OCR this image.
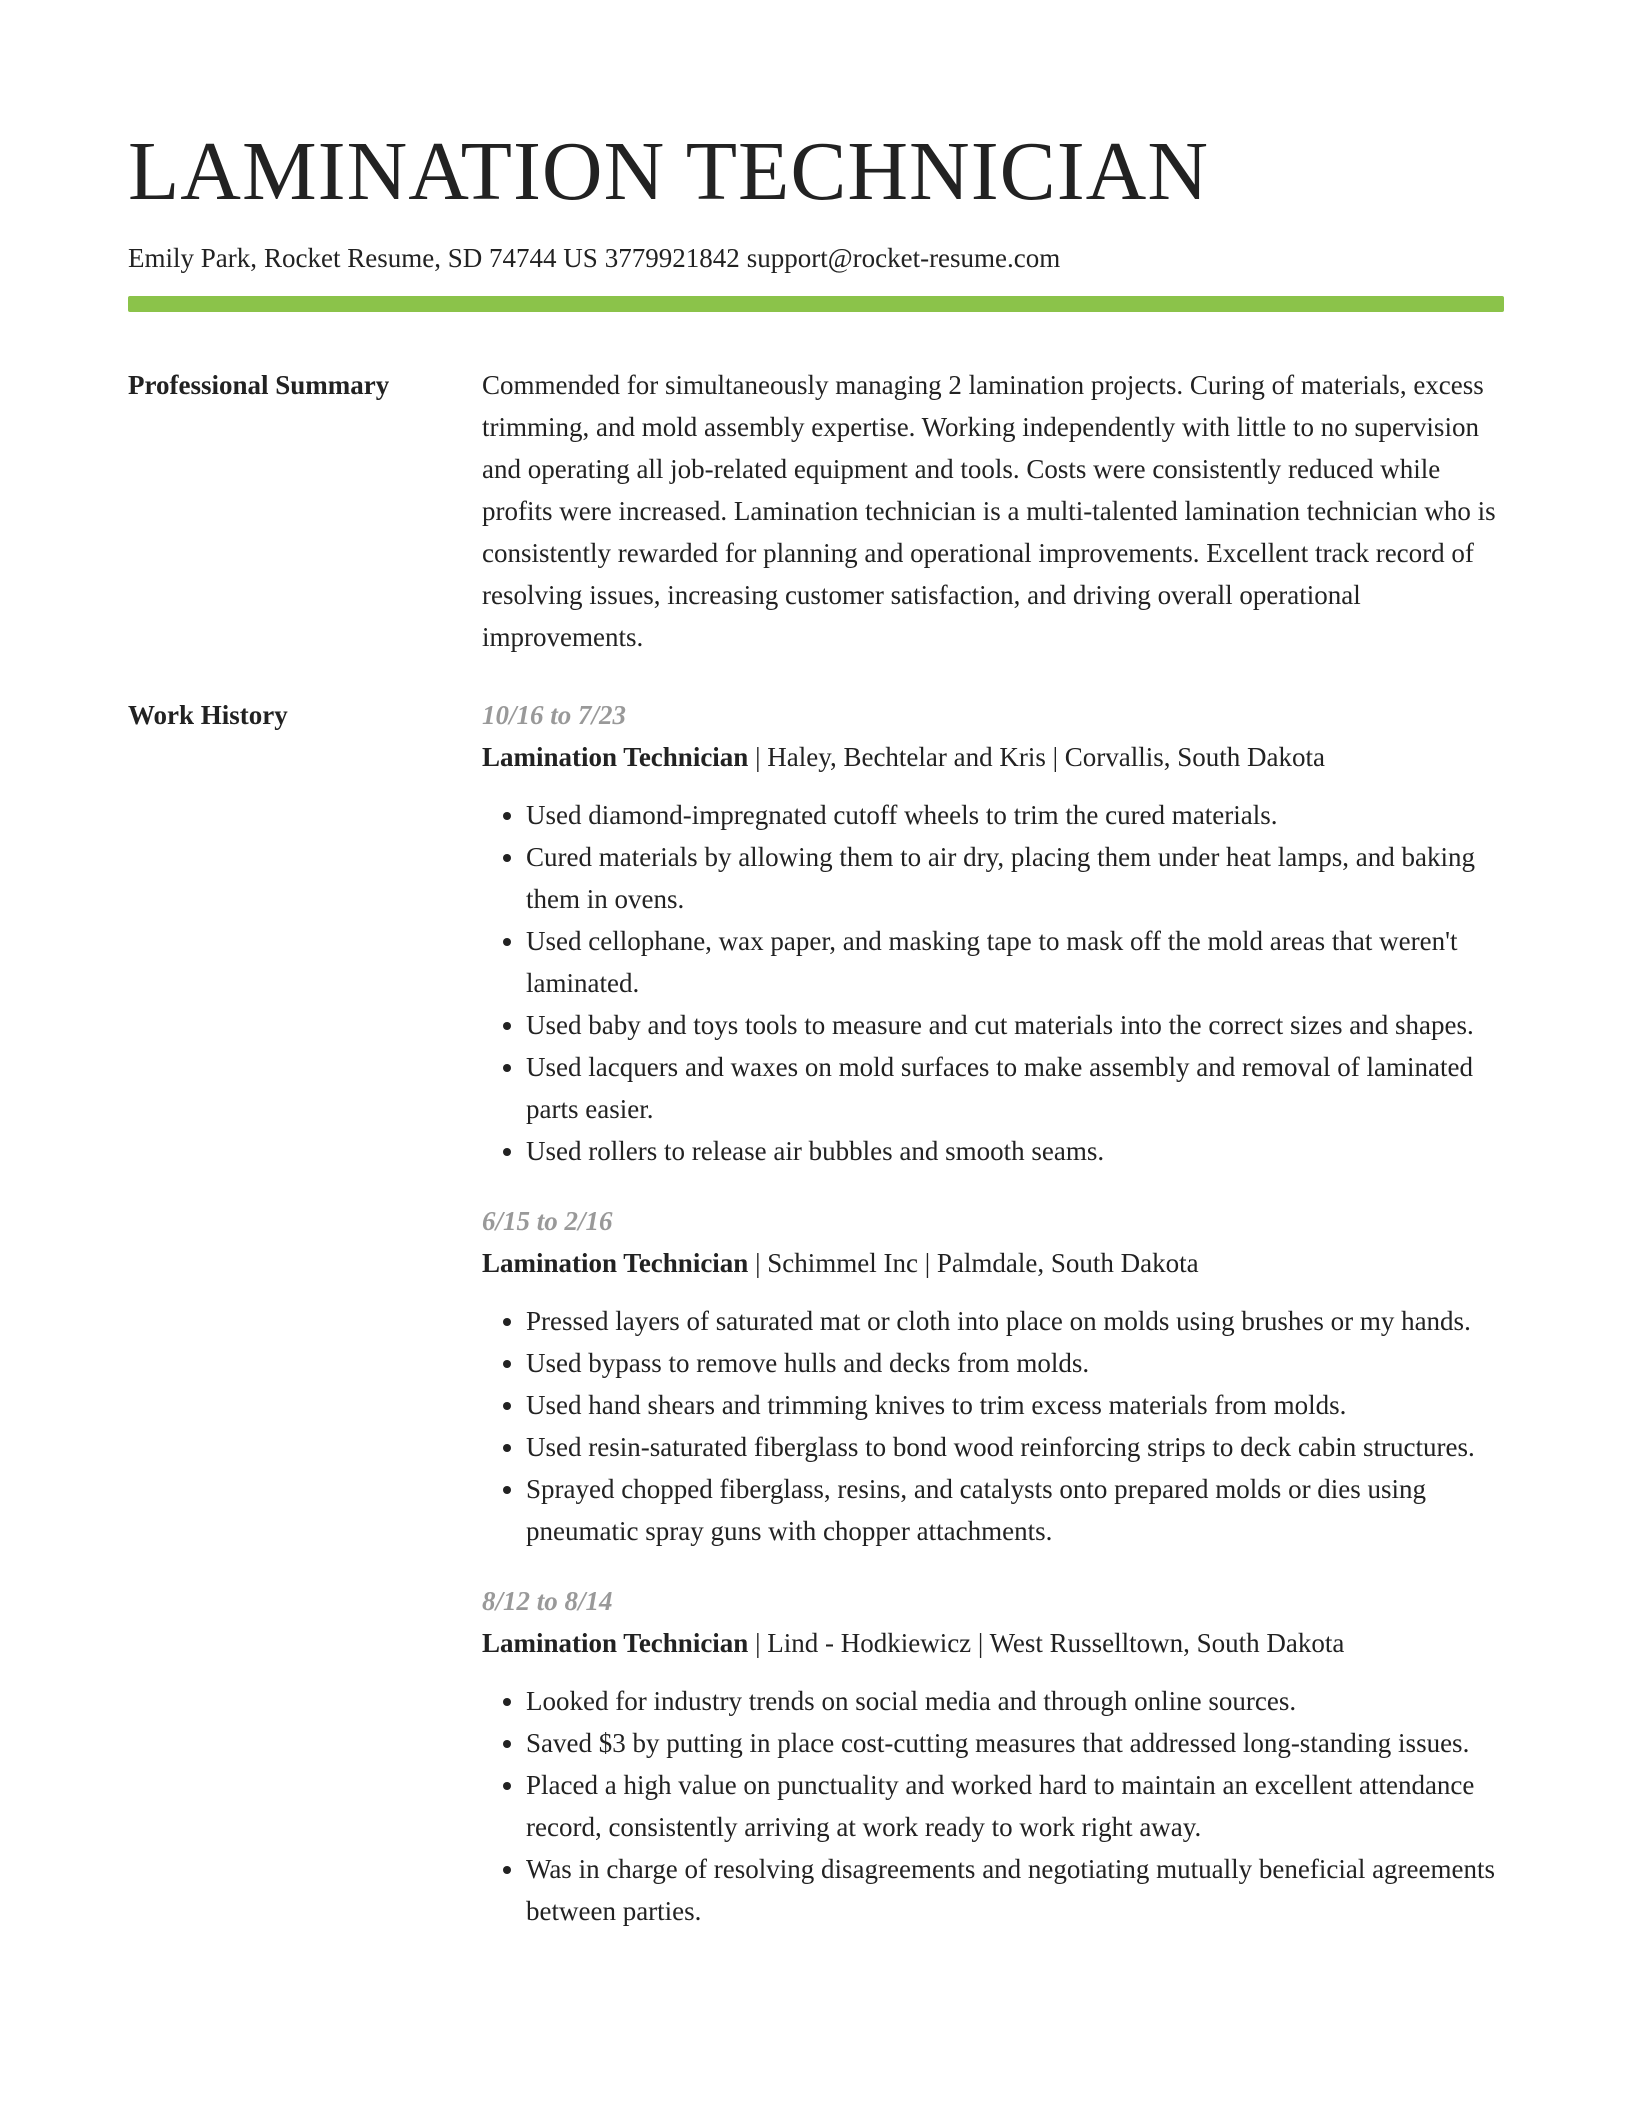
LAMINATION TECHNICIAN
Emily Park, Rocket Resume, SD 74744 US 3779921842 support@rocket-resume.com
Professional Summary	Commended for simultaneously managing 2 lamination projects. Curing of materials, excess trimming, and mold assembly expertise. Working independently with little to no supervision and operating all job-related equipment and tools. Costs were consistently reduced while profits were increased. Lamination technician is a multi-talented lamination technician who is consistently rewarded for planning and operational improvements. Excellent track record of resolving issues, increasing customer satisfaction, and driving overall operational improvements.

Work History	10/16 to 7/23
Lamination Technician | Haley, Bechtelar and Kris | Corvallis, South Dakota
• Used diamond-impregnated cutoff wheels to trim the cured materials.
• Cured materials by allowing them to air dry, placing them under heat lamps, and baking them in ovens.
• Used cellophane, wax paper, and masking tape to mask off the mold areas that weren't laminated.
• Used baby and toys tools to measure and cut materials into the correct sizes and shapes.
• Used lacquers and waxes on mold surfaces to make assembly and removal of laminated parts easier.
• Used rollers to release air bubbles and smooth seams.
6/15 to 2/16
Lamination Technician | Schimmel Inc | Palmdale, South Dakota
• Pressed layers of saturated mat or cloth into place on molds using brushes or my hands.
• Used bypass to remove hulls and decks from molds.
• Used hand shears and trimming knives to trim excess materials from molds.
• Used resin-saturated fiberglass to bond wood reinforcing strips to deck cabin structures.
• Sprayed chopped fiberglass, resins, and catalysts onto prepared molds or dies using pneumatic spray guns with chopper attachments.
8/12 to 8/14
Lamination Technician | Lind - Hodkiewicz | West Russelltown, South Dakota
• Looked for industry trends on social media and through online sources.
• Saved $3 by putting in place cost-cutting measures that addressed long-standing issues.
• Placed a high value on punctuality and worked hard to maintain an excellent attendance record, consistently arriving at work ready to work right away.
• Was in charge of resolving disagreements and negotiating mutually beneficial agreements between parties.
